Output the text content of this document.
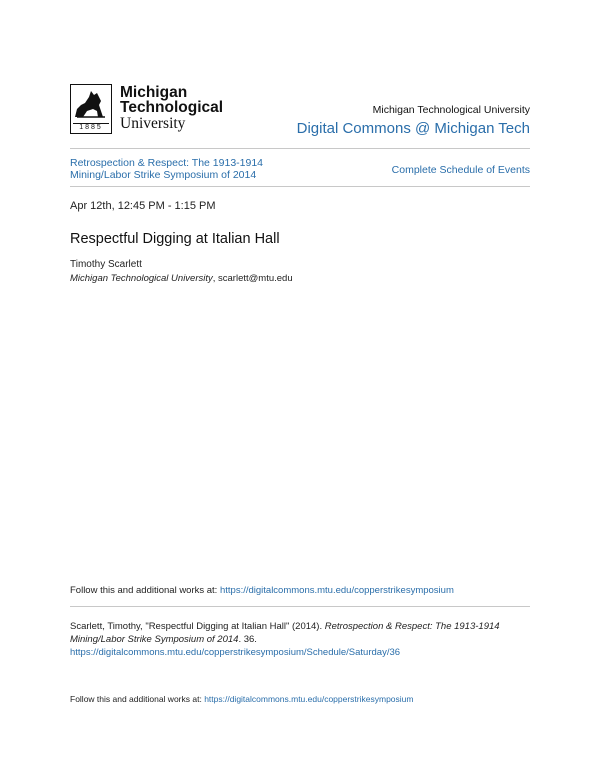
1885
Michigan
Technological
University
Michigan Technological University
Digital Commons @ Michigan Tech
Retrospection & Respect: The 1913-1914 Mining/Labor Strike Symposium of 2014	Complete Schedule of Events
Apr 12th, 12:45 PM - 1:15 PM
Respectful Digging at Italian Hall
Timothy Scarlett
Michigan Technological University, scarlett@mtu.edu
Follow this and additional works at: https://digitalcommons.mtu.edu/copperstrikesymposium
Scarlett, Timothy, "Respectful Digging at Italian Hall" (2014). Retrospection & Respect: The 1913-1914 Mining/Labor Strike Symposium of 2014. 36.
https://digitalcommons.mtu.edu/copperstrikesymposium/Schedule/Saturday/36
Follow this and additional works at: https://digitalcommons.mtu.edu/copperstrikesymposium
